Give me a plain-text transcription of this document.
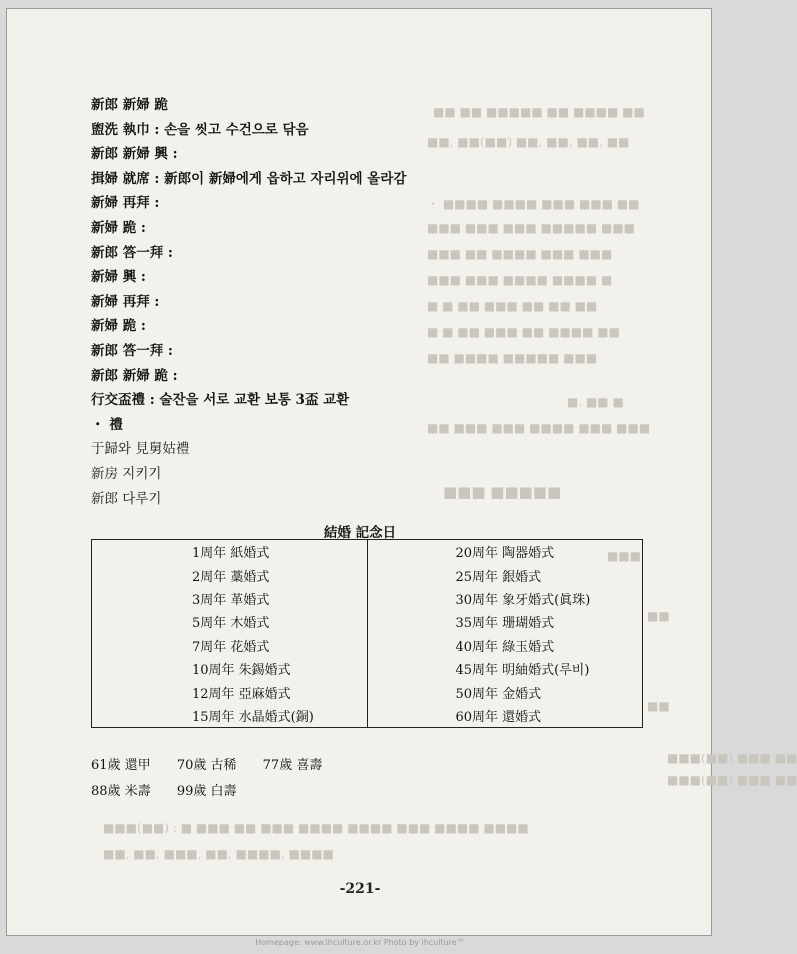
■■ ■■ ■■■■■ ■■ ■■■■ ■■
■■, ■■(■■) ■■, ■■, ■■, ■■
・ ■■■■ ■■■■ ■■■ ■■■ ■■
■■■ ■■■ ■■■ ■■■■■ ■■■
■■■ ■■ ■■■■ ■■■ ■■■
■■■ ■■■ ■■■■ ■■■■ ■
■ ■ ■■ ■■■ ■■ ■■ ■■
■ ■ ■■ ■■■ ■■ ■■■■ ■■
■■ ■■■■ ■■■■■ ■■■
■. ■■ ■
■■ ■■■ ■■■ ■■■■ ■■■ ■■■
■■■ ■■■■■
■■■
■■
■■
■■■(■■) ■■■ ■■
■■■(■■) ■■■ ■■
■■■(■■) : ■ ■■■ ■■ ■■■ ■■■■ ■■■■ ■■■ ■■■■ ■■■■
■■, ■■, ■■■, ■■, ■■■■, ■■■■
新郎 新婦 跪
盥洗 執巾 : 손을 씻고 수건으로 닦음
新郎 新婦 興 :
揖婦 就席 : 新郎이 新婦에게 읍하고 자리위에 올라감
新婦 再拜 :
新婦 跪 :
新郎 答一拜 :
新婦 興 :
新婦 再拜 :
新婦 跪 :
新郎 答一拜 :
新郎 新婦 跪 :
行交盃禮 : 술잔을 서로 교환 보통 3盃 교환
・ 禮
于歸와 見舅姑禮
新房 지키기
新郎 다루기
結婚 記念日
1周年 紙婚式	20周年 陶器婚式
2周年 藁婚式	25周年 銀婚式
3周年 革婚式	30周年 象牙婚式(眞珠)
5周年 木婚式	35周年 珊瑚婚式
7周年 花婚式	40周年 綠玉婚式
10周年 朱錫婚式	45周年 明紬婚式(루비)
12周年 亞麻婚式	50周年 金婚式
15周年 水晶婚式(銅)	60周年 還婚式
61歲 還甲 70歲 古稀 77歲 喜壽
88歲 米壽 99歲 白壽
-221-
Homepage: www.ihculture.or.kr Photo by ihculture™
